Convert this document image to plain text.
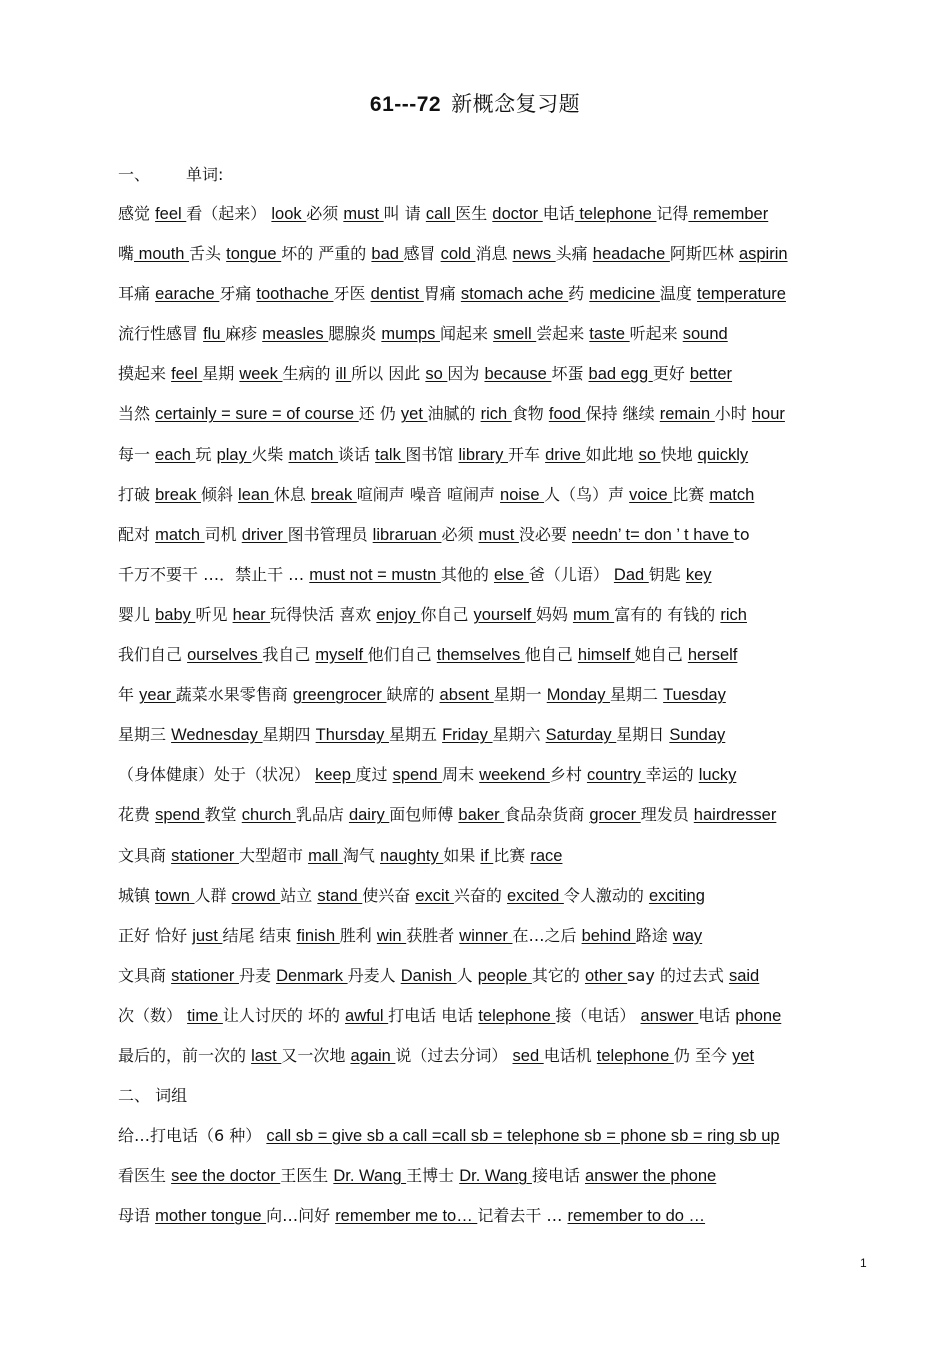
61---72 新概念复习题
一、 单词:
感觉 feel 看（起来） look 必须 must 叫 请 call 医生 doctor 电话 telephone 记得 remember
嘴 mouth 舌头 tongue 坏的 严重的 bad 感冒 cold 消息 news 头痛 headache 阿斯匹林 aspirin
耳痛 earache 牙痛 toothache 牙医 dentist 胃痛 stomach ache 药 medicine 温度 temperature
流行性感冒 flu 麻疹 measles 腮腺炎 mumps 闻起来 smell 尝起来 taste 听起来 sound
摸起来 feel 星期 week 生病的 ill 所以 因此 so 因为 because 坏蛋 bad egg 更好 better
当然 certainly = sure = of course 还 仍 yet 油腻的 rich 食物 food 保持 继续 remain 小时 hour
每一 each 玩 play 火柴 match 谈话 talk 图书馆 library 开车 drive 如此地 so 快地 quickly
打破 break 倾斜 lean 休息 break 喧闹声 噪音 喧闹声 noise 人（鸟）声 voice 比赛 match
配对 match 司机 driver 图书管理员 libraruan 必须 must 没必要 needn’ t= don ’ t have to
千万不要干 …．禁止干 … must not = mustn 其他的 else 爸（儿语） Dad 钥匙 key
婴儿 baby 听见 hear 玩得快活 喜欢 enjoy 你自己 yourself 妈妈 mum 富有的 有钱的 rich
我们自己 ourselves 我自己 myself 他们自己 themselves 他自己 himself 她自己 herself
年 year 蔬菜水果零售商 greengrocer 缺席的 absent 星期一 Monday 星期二 Tuesday
星期三 Wednesday 星期四 Thursday 星期五 Friday 星期六 Saturday 星期日 Sunday
（身体健康）处于（状况） keep 度过 spend 周末 weekend 乡村 country 幸运的 lucky
花费 spend 教堂 church 乳品店 dairy 面包师傅 baker 食品杂货商 grocer 理发员 hairdresser
文具商 stationer 大型超市 mall 淘气 naughty 如果 if 比赛 race
城镇 town 人群 crowd 站立 stand 使兴奋 excit 兴奋的 excited 令人激动的 exciting
正好 恰好 just 结尾 结束 finish 胜利 win 获胜者 winner 在…之后 behind 路途 way
文具商 stationer 丹麦 Denmark 丹麦人 Danish 人 people 其它的 other say 的过去式 said
次（数） time 让人讨厌的 坏的 awful 打电话 电话 telephone 接（电话） answer 电话 phone
最后的，前一次的 last 又一次地 again 说（过去分词） sed 电话机 telephone 仍 至今 yet
二、 词组
给…打电话（6 种） call sb = give sb a call =call sb = telephone sb = phone sb = ring sb up
看医生 see the doctor 王医生 Dr. Wang 王博士 Dr. Wang 接电话 answer the phone
母语 mother tongue 向…问好 remember me to… 记着去干 … remember to do …
1
